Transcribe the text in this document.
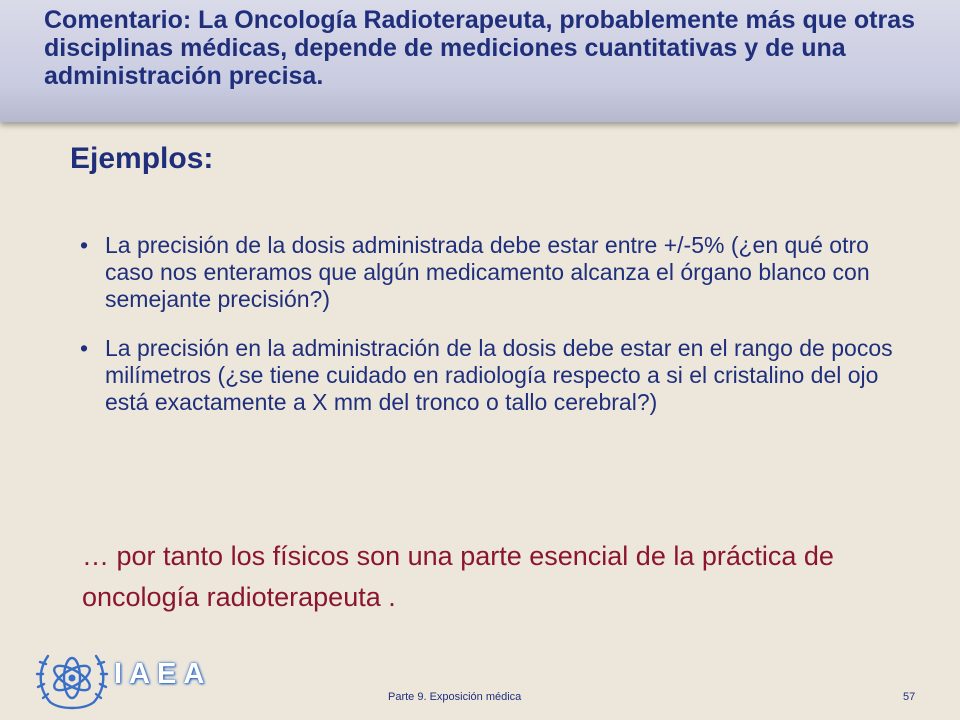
Comentario: La Oncología Radioterapeuta, probablemente más que otras disciplinas médicas, depende de mediciones cuantitativas y de una administración precisa.
Ejemplos:
• La precisión de la dosis administrada debe estar entre +/-5% (¿en qué otro caso nos enteramos que algún medicamento alcanza el órgano blanco con semejante precisión?)
• La precisión en la administración de la dosis debe estar en el rango de pocos milímetros (¿se tiene cuidado en radiología respecto a si el cristalino del ojo está exactamente a X mm del tronco o tallo cerebral?)

… por tanto los físicos son una parte esencial de la práctica de oncología radioterapeuta .

IAEA
Parte 9. Exposición médica	57
